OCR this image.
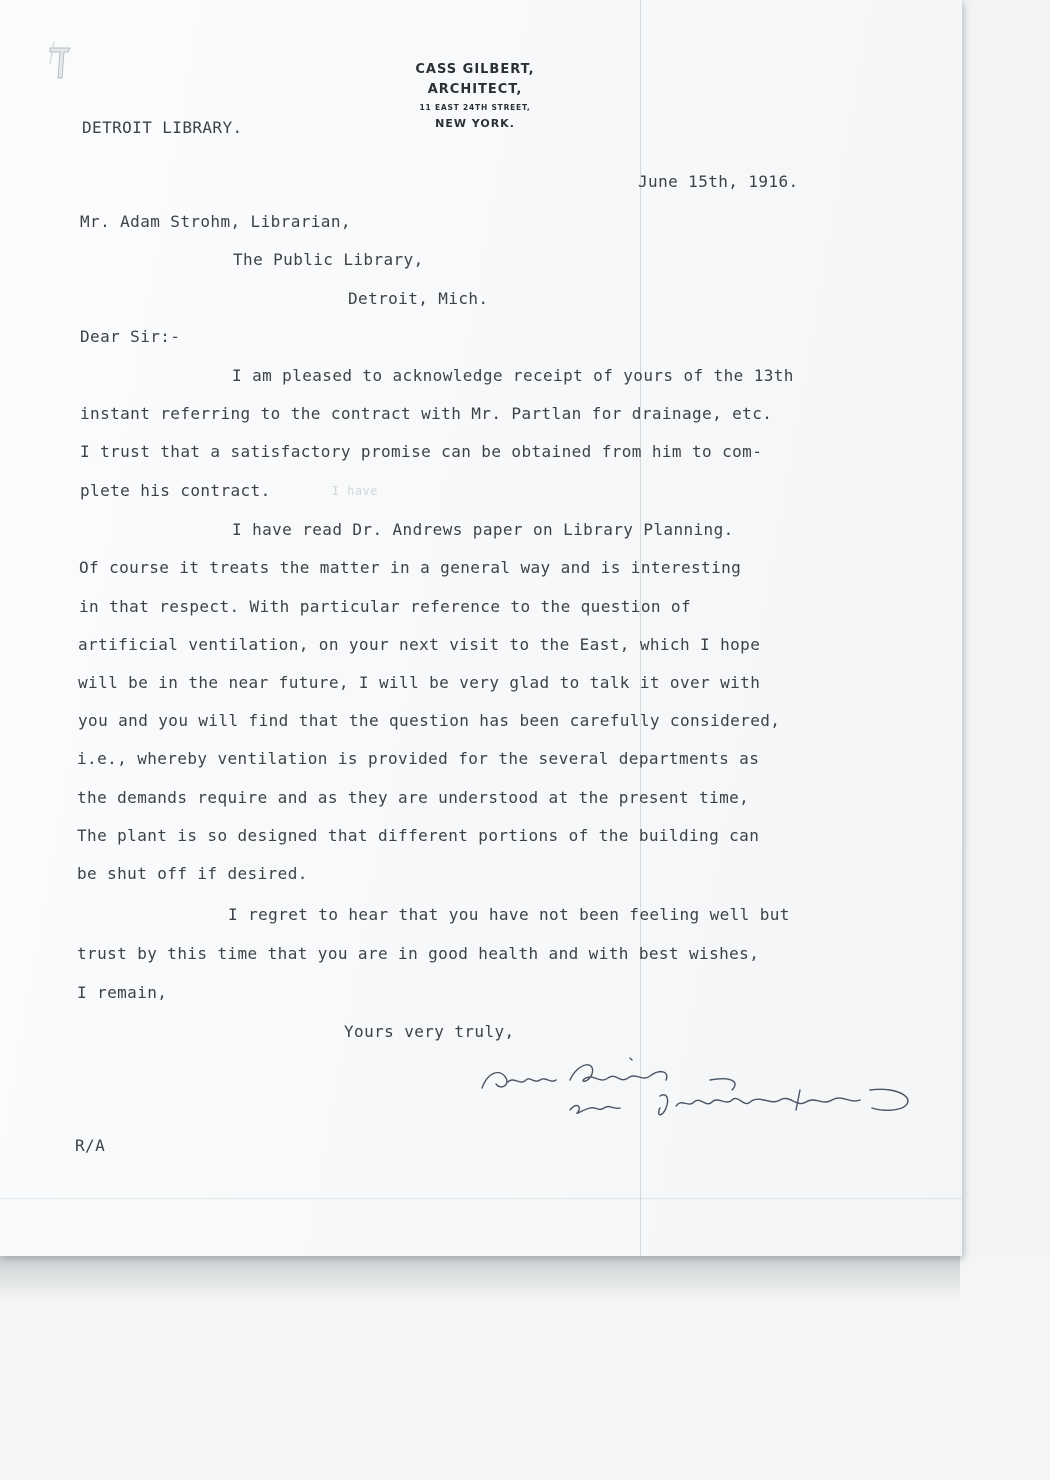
CASS GILBERT,
ARCHITECT,
11 EAST 24TH STREET,
NEW YORK.
DETROIT LIBRARY.
June 15th, 1916.
Mr. Adam Strohm, Librarian,
The Public Library,
Detroit, Mich.
Dear Sir:-
I am pleased to acknowledge receipt of yours of the 13th
instant referring to the contract with Mr. Partlan for drainage, etc.
I trust that a satisfactory promise can be obtained from him to com-
plete his contract.	I have
I have read Dr. Andrews paper on Library Planning.
Of course it treats the matter in a general way and is interesting
in that respect. With particular reference to the question of
artificial ventilation, on your next visit to the East, which I hope
will be in the near future, I will be very glad to talk it over with
you and you will find that the question has been carefully considered,
i.e., whereby ventilation is provided for the several departments as
the demands require and as they are understood at the present time,
The plant is so designed that different portions of the building can
be shut off if desired.
I regret to hear that you have not been feeling well but
trust by this time that you are in good health and with best wishes,
I remain,
Yours very truly,
R/A
